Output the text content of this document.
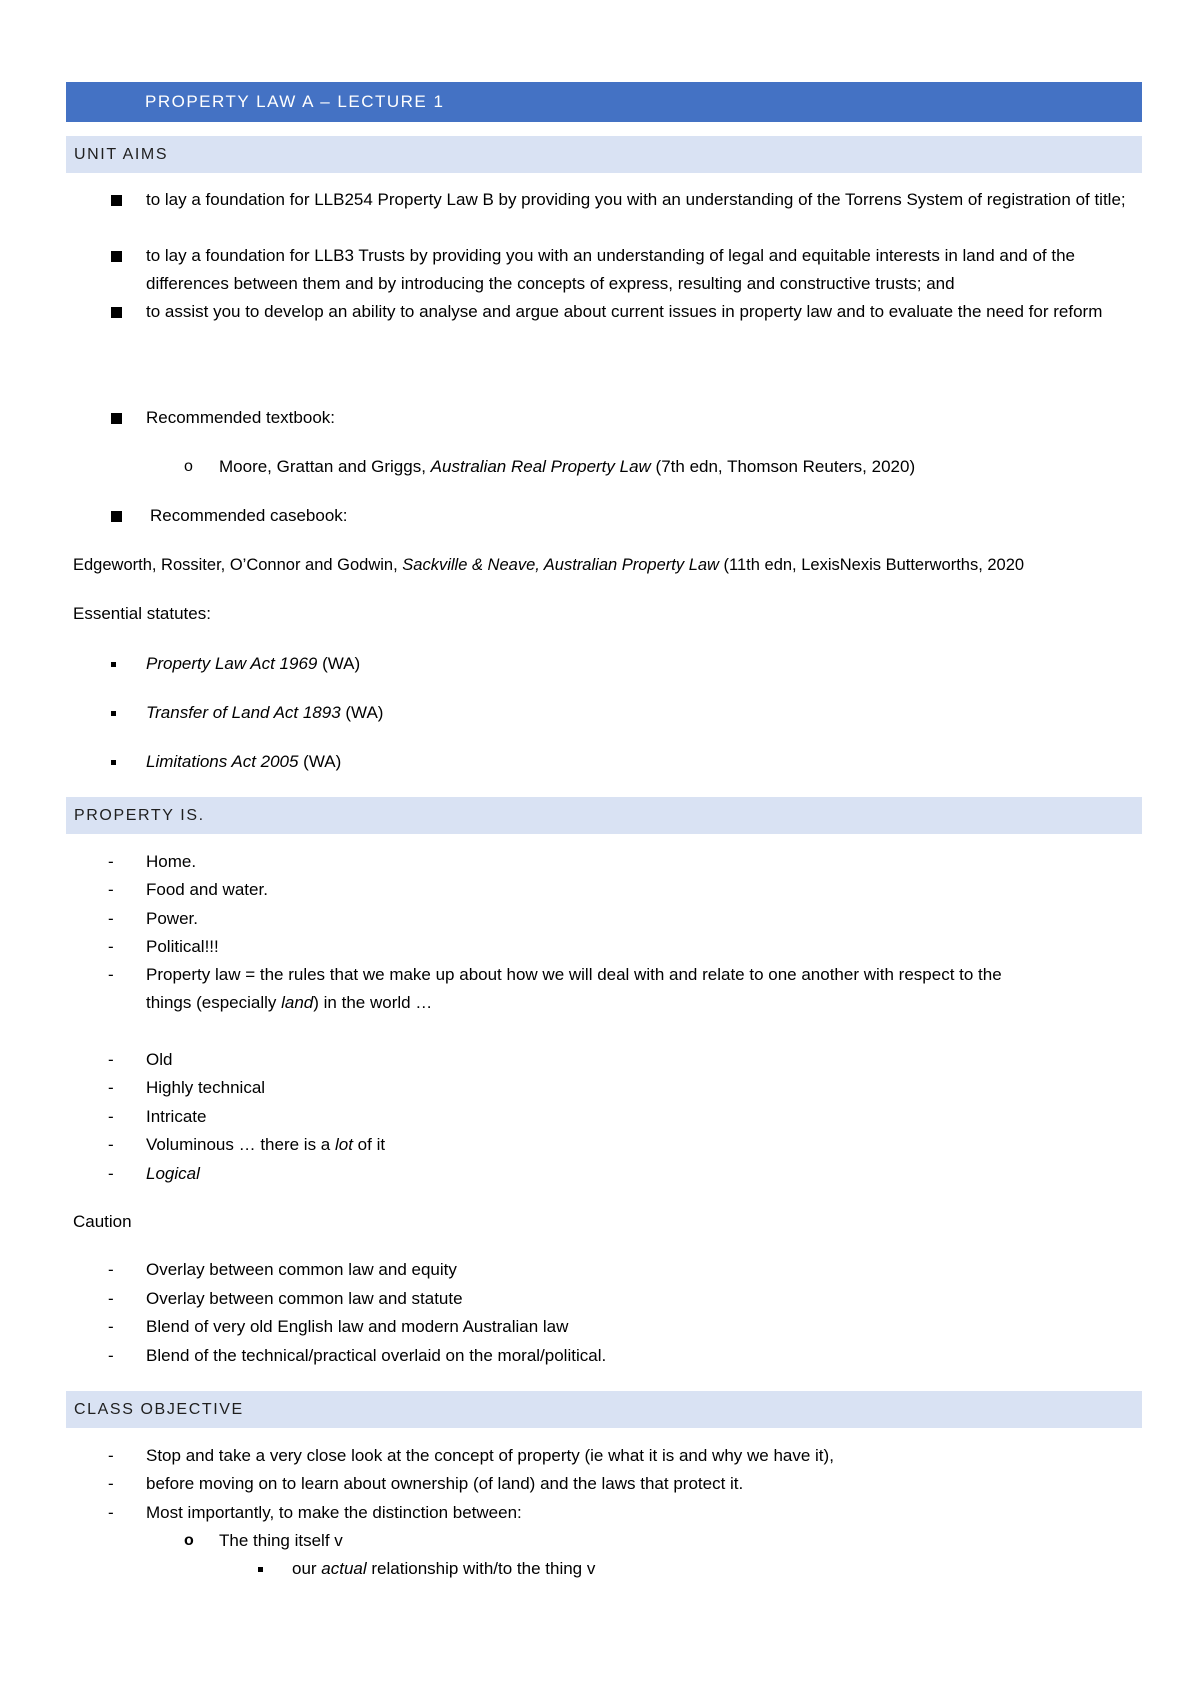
PROPERTY LAW A – LECTURE 1
UNIT AIMS
to lay a foundation for LLB254 Property Law B by providing you with an understanding of the Torrens System of registration of title;
to lay a foundation for LLB3 Trusts by providing you with an understanding of legal and equitable interests in land and of the differences between them and by introducing the concepts of express, resulting and constructive trusts; and
to assist you to develop an ability to analyse and argue about current issues in property law and to evaluate the need for reform
Recommended textbook:
o Moore, Grattan and Griggs, Australian Real Property Law (7th edn, Thomson Reuters, 2020)
Recommended casebook:
Edgeworth, Rossiter, O’Connor and Godwin, Sackville & Neave, Australian Property Law (11th edn, LexisNexis Butterworths, 2020
Essential statutes:
Property Law Act 1969 (WA)
Transfer of Land Act 1893 (WA)
Limitations Act 2005 (WA)
PROPERTY IS.
- Home.
- Food and water.
- Power.
- Political!!!
- Property law = the rules that we make up about how we will deal with and relate to one another with respect to the
things (especially land) in the world …
- Old
- Highly technical
- Intricate
- Voluminous … there is a lot of it
- Logical
Caution
- Overlay between common law and equity
- Overlay between common law and statute
- Blend of very old English law and modern Australian law
- Blend of the technical/practical overlaid on the moral/political.
CLASS OBJECTIVE
- Stop and take a very close look at the concept of property (ie what it is and why we have it),
- before moving on to learn about ownership (of land) and the laws that protect it.
- Most importantly, to make the distinction between:
o The thing itself v
our actual relationship with/to the thing v
